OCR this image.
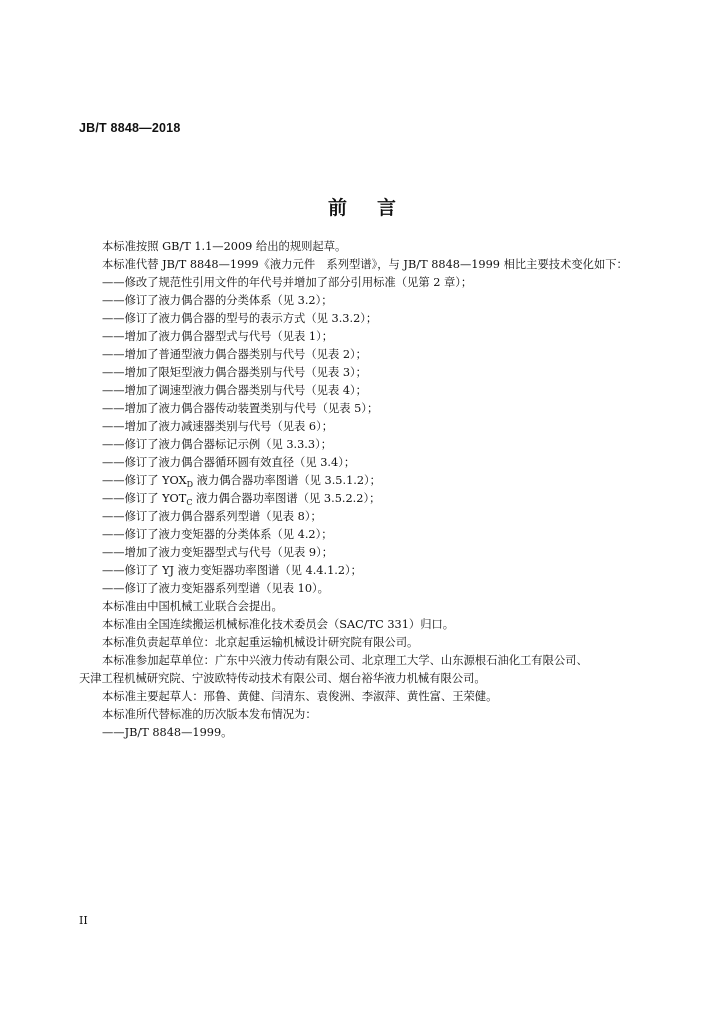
JB/T 8848—2018
前 言
本标准按照 GB/T 1.1—2009 给出的规则起草。
本标准代替 JB/T 8848—1999《液力元件　系列型谱》，与 JB/T 8848—1999 相比主要技术变化如下：
——修改了规范性引用文件的年代号并增加了部分引用标准（见第 2 章）；
——修订了液力偶合器的分类体系（见 3.2）；
——修订了液力偶合器的型号的表示方式（见 3.3.2）；
——增加了液力偶合器型式与代号（见表 1）；
——增加了普通型液力偶合器类别与代号（见表 2）；
——增加了限矩型液力偶合器类别与代号（见表 3）；
——增加了调速型液力偶合器类别与代号（见表 4）；
——增加了液力偶合器传动装置类别与代号（见表 5）；
——增加了液力减速器类别与代号（见表 6）；
——修订了液力偶合器标记示例（见 3.3.3）；
——修订了液力偶合器循环圆有效直径（见 3.4）；
——修订了 $YOX_D$ 液力偶合器功率图谱（见 3.5.1.2）；
——修订了 $YOT_C$ 液力偶合器功率图谱（见 3.5.2.2）；
——修订了液力偶合器系列型谱（见表 8）；
——修订了液力变矩器的分类体系（见 4.2）；
——增加了液力变矩器型式与代号（见表 9）；
——修订了 YJ 液力变矩器功率图谱（见 4.4.1.2）；
——修订了液力变矩器系列型谱（见表 10）。
本标准由中国机械工业联合会提出。
本标准由全国连续搬运机械标准化技术委员会（SAC/TC 331）归口。
本标准负责起草单位：北京起重运输机械设计研究院有限公司。
本标准参加起草单位：广东中兴液力传动有限公司、北京理工大学、山东源根石油化工有限公司、
天津工程机械研究院、宁波欧特传动技术有限公司、烟台裕华液力机械有限公司。
本标准主要起草人：邢鲁、黄健、闫清东、袁俊洲、李淑萍、黄性富、王荣健。
本标准所代替标准的历次版本发布情况为：
——JB/T 8848—1999。
II
